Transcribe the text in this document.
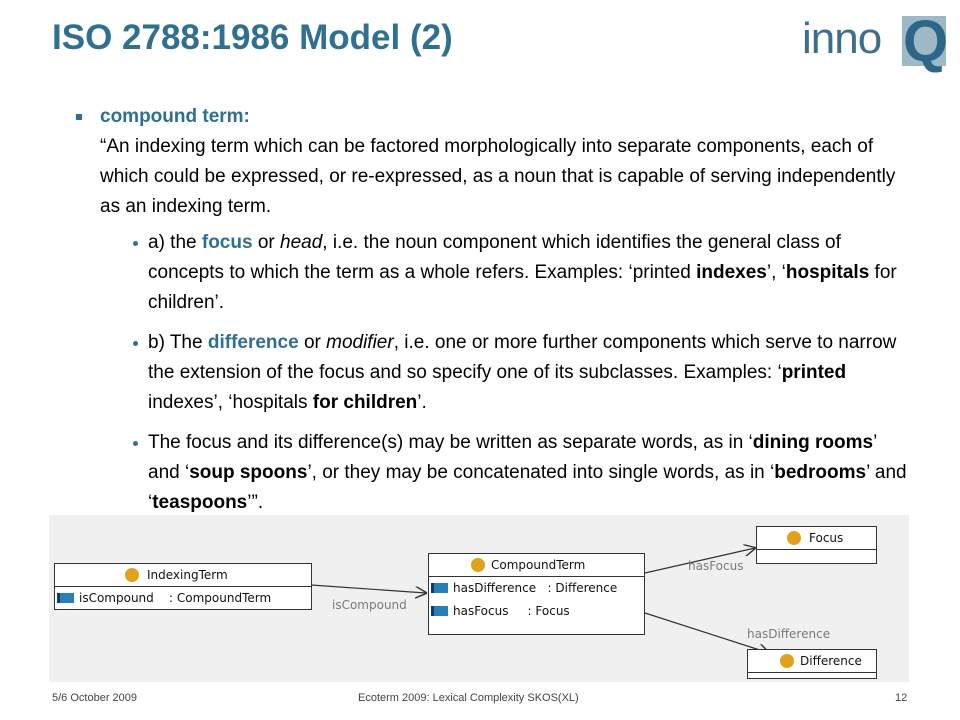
ISO 2788:1986 Model (2)	inno Q
compound term:
“An indexing term which can be factored morphologically into separate components, each of which could be expressed, or re-expressed, as a noun that is capable of serving independently as an indexing term.
a) the focus or head, i.e. the noun component which identifies the general class of concepts to which the term as a whole refers. Examples: ‘printed indexes’, ‘hospitals for children’.
b) The difference or modifier, i.e. one or more further components which serve to narrow the extension of the focus and so specify one of its subclasses. Examples: ‘printed indexes’, ‘hospitals for children’.
The focus and its difference(s) may be written as separate words, as in ‘dining rooms’ and ‘soup spoons’, or they may be concatenated into single words, as in ‘bedrooms’ and ‘teaspoons’”.
IndexingTerm
isCompound    : CompoundTerm
CompoundTerm
hasDifference   : Difference
hasFocus     : Focus
Focus
Difference
isCompound
hasFocus
hasDifference
5/6 October 2009	Ecoterm 2009: Lexical Complexity SKOS(XL)	12
